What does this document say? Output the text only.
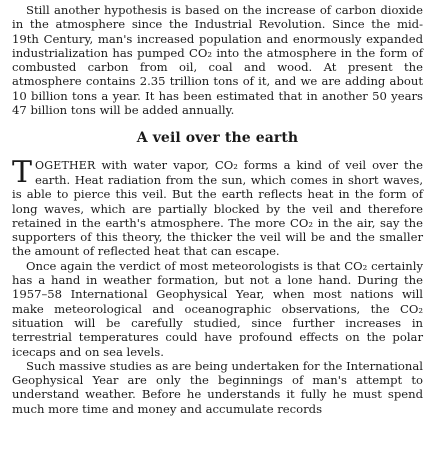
Still another hypothesis is based on the increase of carbon dioxide in the atmosphere since the Industrial Revolution. Since the mid-19th Century, man's increased population and enormously expanded industrialization has pumped CO₂ into the atmosphere in the form of combusted carbon from oil, coal and wood. At present the atmosphere contains 2.35 trillion tons of it, and we are adding about 10 billion tons a year. It has been estimated that in another 50 years 47 billion tons will be added annually.

A veil over the earth

TOGETHER with water vapor, CO₂ forms a kind of veil over the earth. Heat radiation from the sun, which comes in short waves, is able to pierce this veil. But the earth reflects heat in the form of long waves, which are partially blocked by the veil and therefore retained in the earth's atmosphere. The more CO₂ in the air, say the supporters of this theory, the thicker the veil will be and the smaller the amount of reflected heat that can escape.

Once again the verdict of most meteorologists is that CO₂ certainly has a hand in weather formation, but not a lone hand. During the 1957–58 International Geophysical Year, when most nations will make meteorological and oceanographic observations, the CO₂ situation will be carefully studied, since further increases in terrestrial temperatures could have profound effects on the polar icecaps and on sea levels.

Such massive studies as are being undertaken for the International Geophysical Year are only the beginnings of man's attempt to understand weather. Before he understands it fully he must spend much more time and money and accumulate records
